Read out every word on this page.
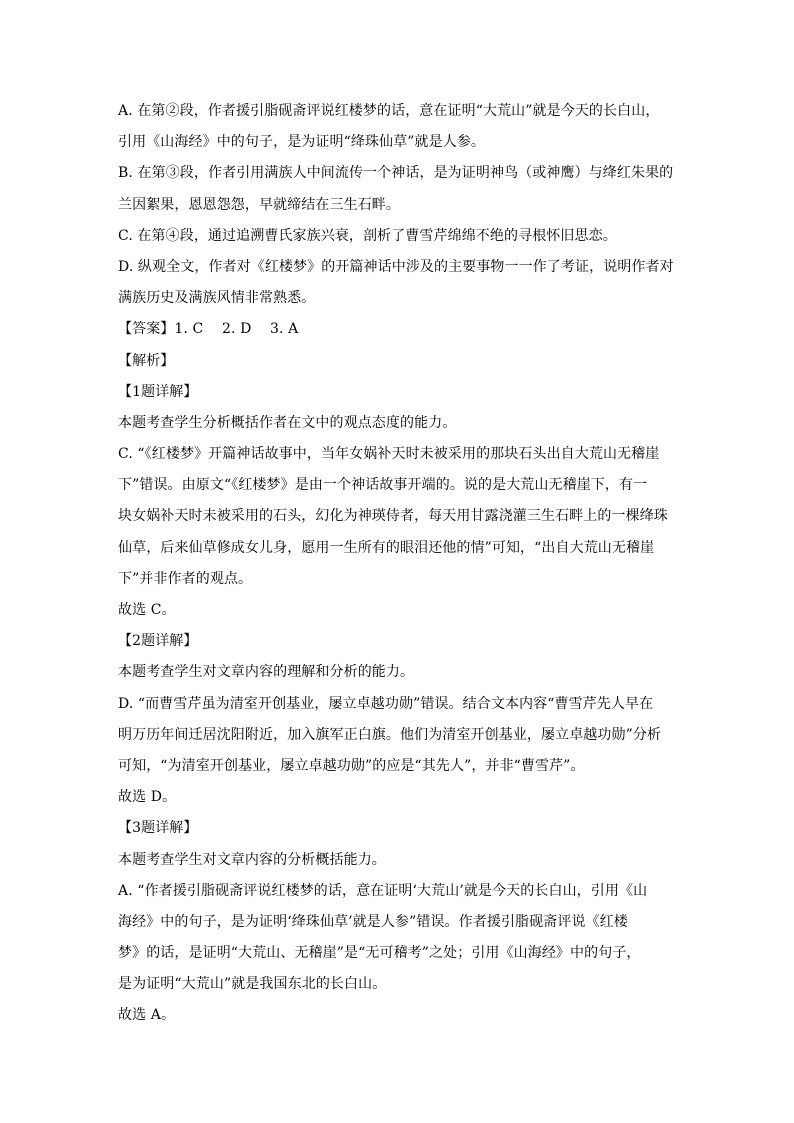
A. 在第②段，作者援引脂砚斋评说红楼梦的话，意在证明“大荒山”就是今天的长白山，
引用《山海经》中的句子，是为证明“绛珠仙草”就是人参。
B. 在第③段，作者引用满族人中间流传一个神话，是为证明神鸟（或神鹰）与绛红朱果的
兰因絮果，恩恩怨怨，早就缔结在三生石畔。
C. 在第④段，通过追溯曹氏家族兴衰，剖析了曹雪芹绵绵不绝的寻根怀旧思恋。
D. 纵观全文，作者对《红楼梦》的开篇神话中涉及的主要事物一一作了考证，说明作者对
满族历史及满族风情非常熟悉。
【答案】1. C　 2. D　 3. A
【解析】
【1题详解】
本题考查学生分析概括作者在文中的观点态度的能力。
C. “《红楼梦》开篇神话故事中，当年女娲补天时未被采用的那块石头出自大荒山无稽崖
下”错误。由原文“《红楼梦》是由一个神话故事开端的。说的是大荒山无稽崖下，有一
块女娲补天时未被采用的石头，幻化为神瑛侍者，每天用甘露浇灌三生石畔上的一棵绛珠
仙草，后来仙草修成女儿身，愿用一生所有的眼泪还他的情”可知，“出自大荒山无稽崖
下”并非作者的观点。
故选 C。
【2题详解】
本题考查学生对文章内容的理解和分析的能力。
D. “而曹雪芹虽为清室开创基业，屡立卓越功勋”错误。结合文本内容“曹雪芹先人早在
明万历年间迁居沈阳附近，加入旗军正白旗。他们为清室开创基业，屡立卓越功勋”分析
可知，“为清室开创基业，屡立卓越功勋”的应是“其先人”，并非“曹雪芹”。
故选 D。
【3题详解】
本题考查学生对文章内容的分析概括能力。
A. “作者援引脂砚斋评说红楼梦的话，意在证明‘大荒山’就是今天的长白山，引用《山
海经》中的句子，是为证明‘绛珠仙草’就是人参”错误。作者援引脂砚斋评说《红楼
梦》的话，是证明“大荒山、无稽崖”是“无可稽考”之处；引用《山海经》中的句子，
是为证明“大荒山”就是我国东北的长白山。
故选 A。
